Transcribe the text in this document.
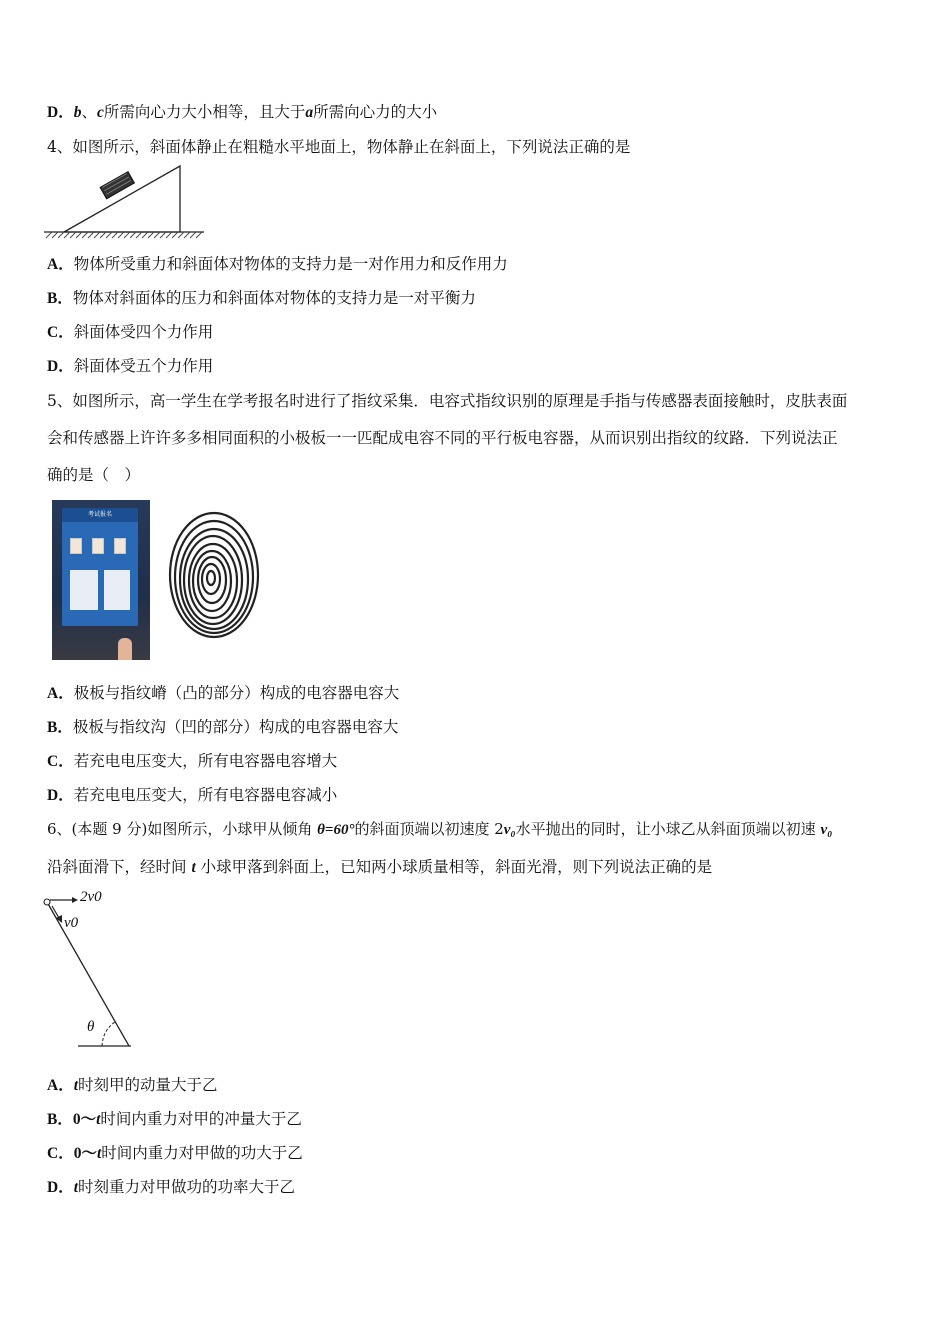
D．b、c所需向心力大小相等，且大于a所需向心力的大小
4、如图所示，斜面体静止在粗糙水平地面上，物体静止在斜面上，下列说法正确的是
A．物体所受重力和斜面体对物体的支持力是一对作用力和反作用力
B．物体对斜面体的压力和斜面体对物体的支持力是一对平衡力
C．斜面体受四个力作用
D．斜面体受五个力作用
5、如图所示，高一学生在学考报名时进行了指纹采集．电容式指纹识别的原理是手指与传感器表面接触时，皮肤表面
会和传感器上许许多多相同面积的小极板一一匹配成电容不同的平行板电容器，从而识别出指纹的纹路．下列说法正
确的是（　）
考试报名
A．极板与指纹嵴（凸的部分）构成的电容器电容大
B．极板与指纹沟（凹的部分）构成的电容器电容大
C．若充电电压变大，所有电容器电容增大
D．若充电电压变大，所有电容器电容减小
6、(本题 9 分)如图所示，小球甲从倾角 θ=60°的斜面顶端以初速度 2v₀水平抛出的同时，让小球乙从斜面顶端以初速 v₀
沿斜面滑下，经时间 t 小球甲落到斜面上，已知两小球质量相等，斜面光滑，则下列说法正确的是
2v0
v0
θ
A．t时刻甲的动量大于乙
B．0～t时间内重力对甲的冲量大于乙
C．0～t时间内重力对甲做的功大于乙
D．t时刻重力对甲做功的功率大于乙
